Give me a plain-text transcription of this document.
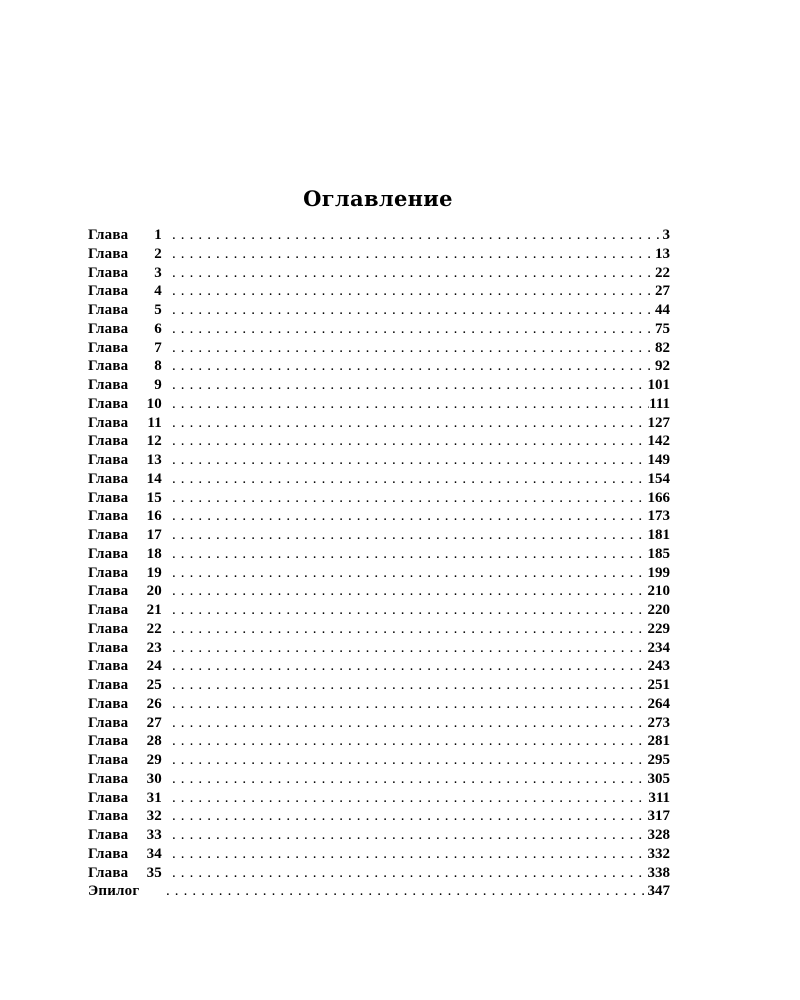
Оглавление
Глава 1 . . .	3
Глава 2 . . .	13
Глава 3 . . .	22
Глава 4 . . .	27
Глава 5 . . .	44
Глава 6 . . .	75
Глава 7 . . .	82
Глава 8 . . .	92
Глава 9 . . .	101
Глава 10 . . .	111
Глава 11 . . .	127
Глава 12 . . .	142
Глава 13 . . .	149
Глава 14 . . .	154
Глава 15 . . .	166
Глава 16 . . .	173
Глава 17 . . .	181
Глава 18 . . .	185
Глава 19 . . .	199
Глава 20 . . .	210
Глава 21 . . .	220
Глава 22 . . .	229
Глава 23 . . .	234
Глава 24 . . .	243
Глава 25 . . .	251
Глава 26 . . .	264
Глава 27 . . .	273
Глава 28 . . .	281
Глава 29 . . .	295
Глава 30 . . .	305
Глава 31 . . .	311
Глава 32 . . .	317
Глава 33 . . .	328
Глава 34 . . .	332
Глава 35 . . .	338
Эпилог . . .	347
